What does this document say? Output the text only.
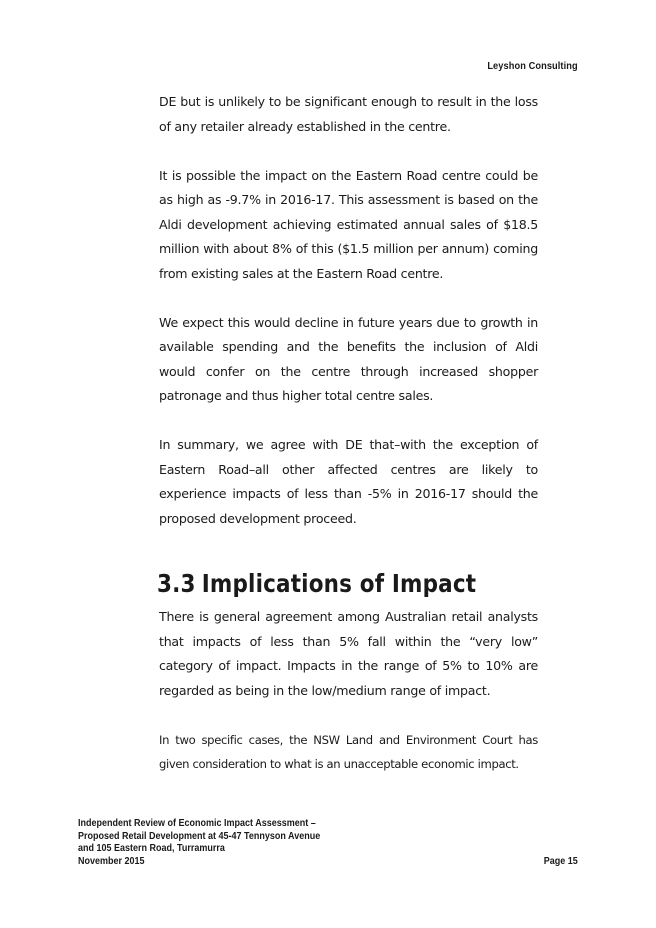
Leyshon Consulting

DE but is unlikely to be significant enough to result in the loss of any retailer already established in the centre.

It is possible the impact on the Eastern Road centre could be as high as -9.7% in 2016-17. This assessment is based on the Aldi development achieving estimated annual sales of $18.5 million with about 8% of this ($1.5 million per annum) coming from existing sales at the Eastern Road centre.

We expect this would decline in future years due to growth in available spending and the benefits the inclusion of Aldi would confer on the centre through increased shopper patronage and thus higher total centre sales.

In summary, we agree with DE that–with the exception of Eastern Road–all other affected centres are likely to experience impacts of less than -5% in 2016-17 should the proposed development proceed.

3.3 Implications of Impact

There is general agreement among Australian retail analysts that impacts of less than 5% fall within the “very low” category of impact. Impacts in the range of 5% to 10% are regarded as being in the low/medium range of impact.

In two specific cases, the NSW Land and Environment Court has given consideration to what is an unacceptable economic impact.

Independent Review of Economic Impact Assessment –
Proposed Retail Development at 45-47 Tennyson Avenue
and 105 Eastern Road, Turramurra
November 2015	Page 15
